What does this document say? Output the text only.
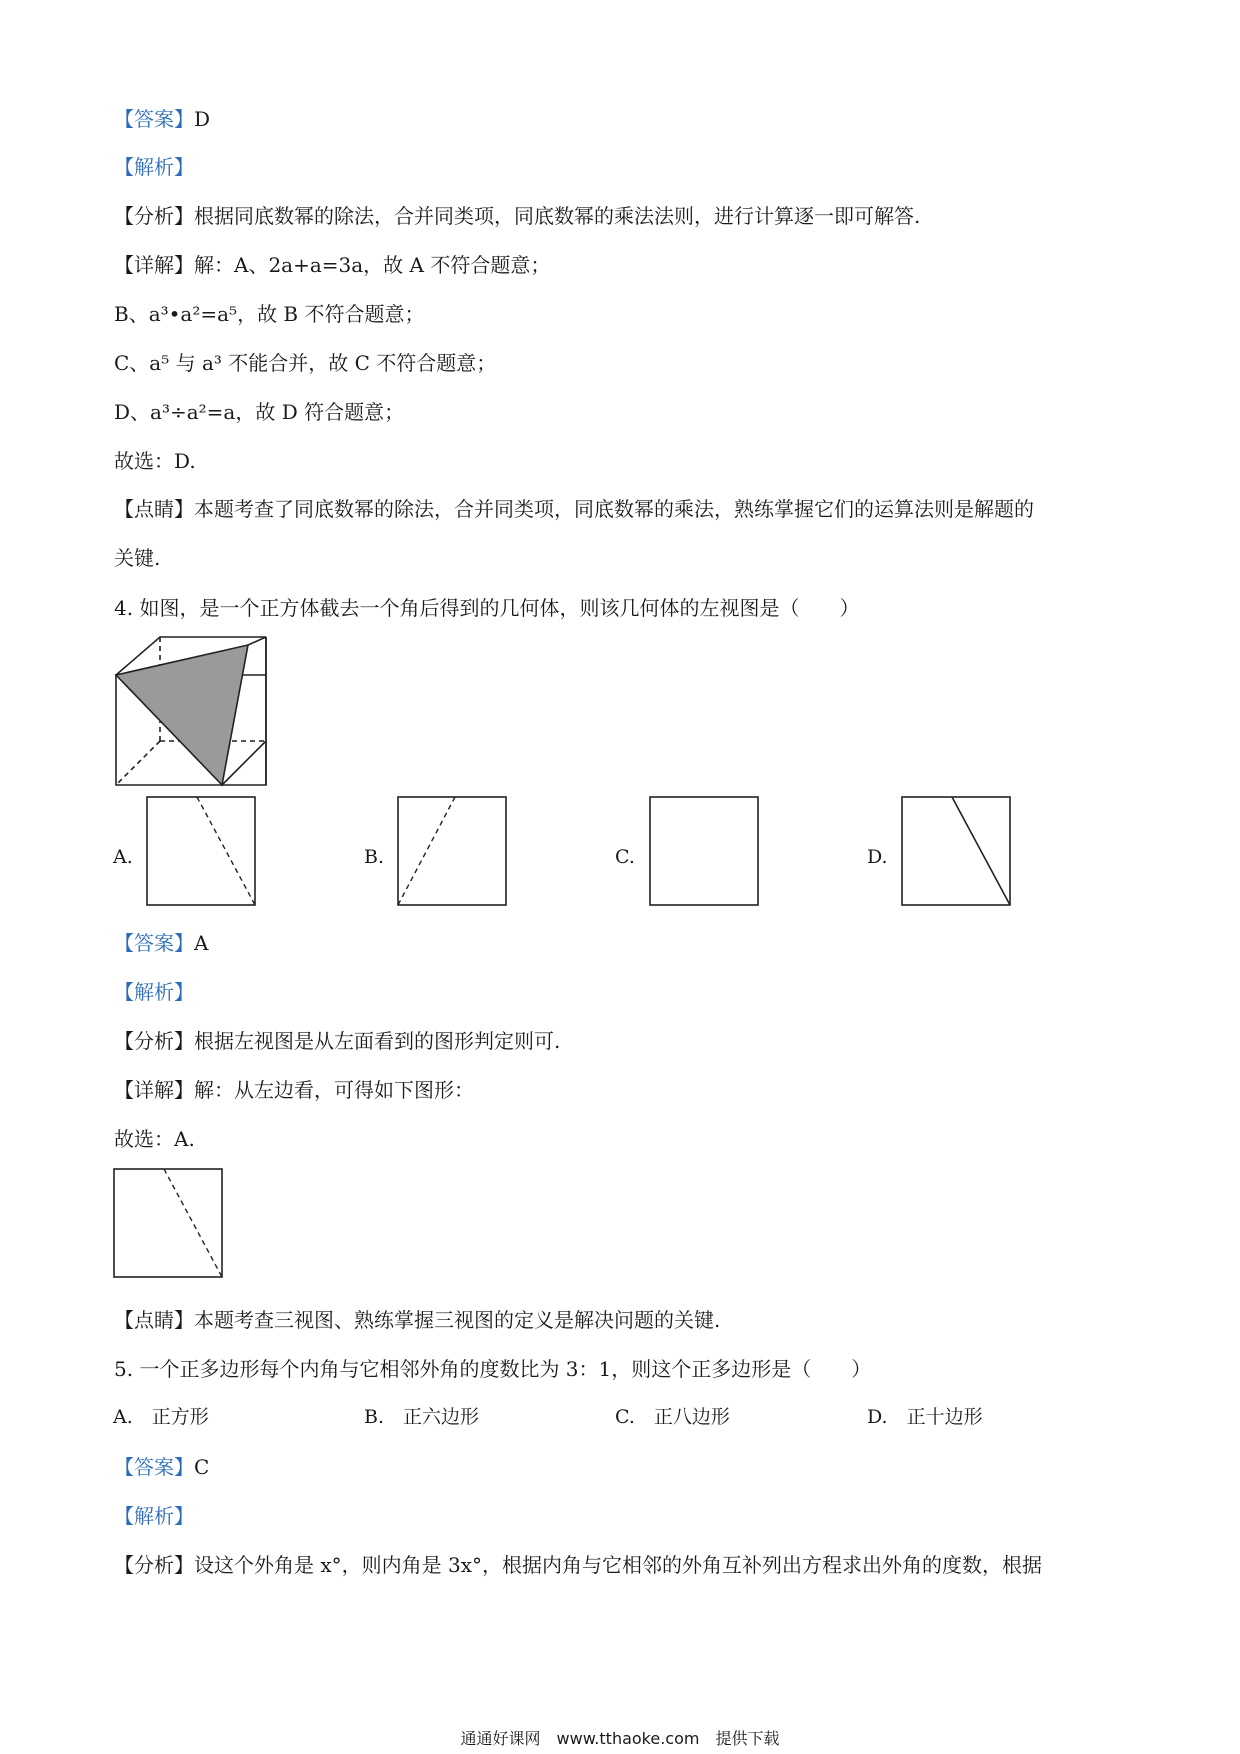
【答案】D
【解析】
【分析】根据同底数幂的除法，合并同类项，同底数幂的乘法法则，进行计算逐一即可解答.
【详解】解：A、2a+a=3a，故 A 不符合题意；
B、a³•a²=a⁵，故 B 不符合题意；
C、a⁵ 与 a³ 不能合并，故 C 不符合题意；
D、a³÷a²=a，故 D 符合题意；
故选：D.
【点睛】本题考查了同底数幂的除法，合并同类项，同底数幂的乘法，熟练掌握它们的运算法则是解题的
关键.
4. 如图，是一个正方体截去一个角后得到的几何体，则该几何体的左视图是（　　）
A.	B.	C.	D.
【答案】A
【解析】
【分析】根据左视图是从左面看到的图形判定则可.
【详解】解：从左边看，可得如下图形：
故选：A.
【点睛】本题考查三视图、熟练掌握三视图的定义是解决问题的关键.
5. 一个正多边形每个内角与它相邻外角的度数比为 3：1，则这个正多边形是（　　）
A.　正方形	B.　正六边形	C.　正八边形	D.　正十边形
【答案】C
【解析】
【分析】设这个外角是 x°，则内角是 3x°，根据内角与它相邻的外角互补列出方程求出外角的度数，根据
通通好课网　www.tthaoke.com　提供下载
